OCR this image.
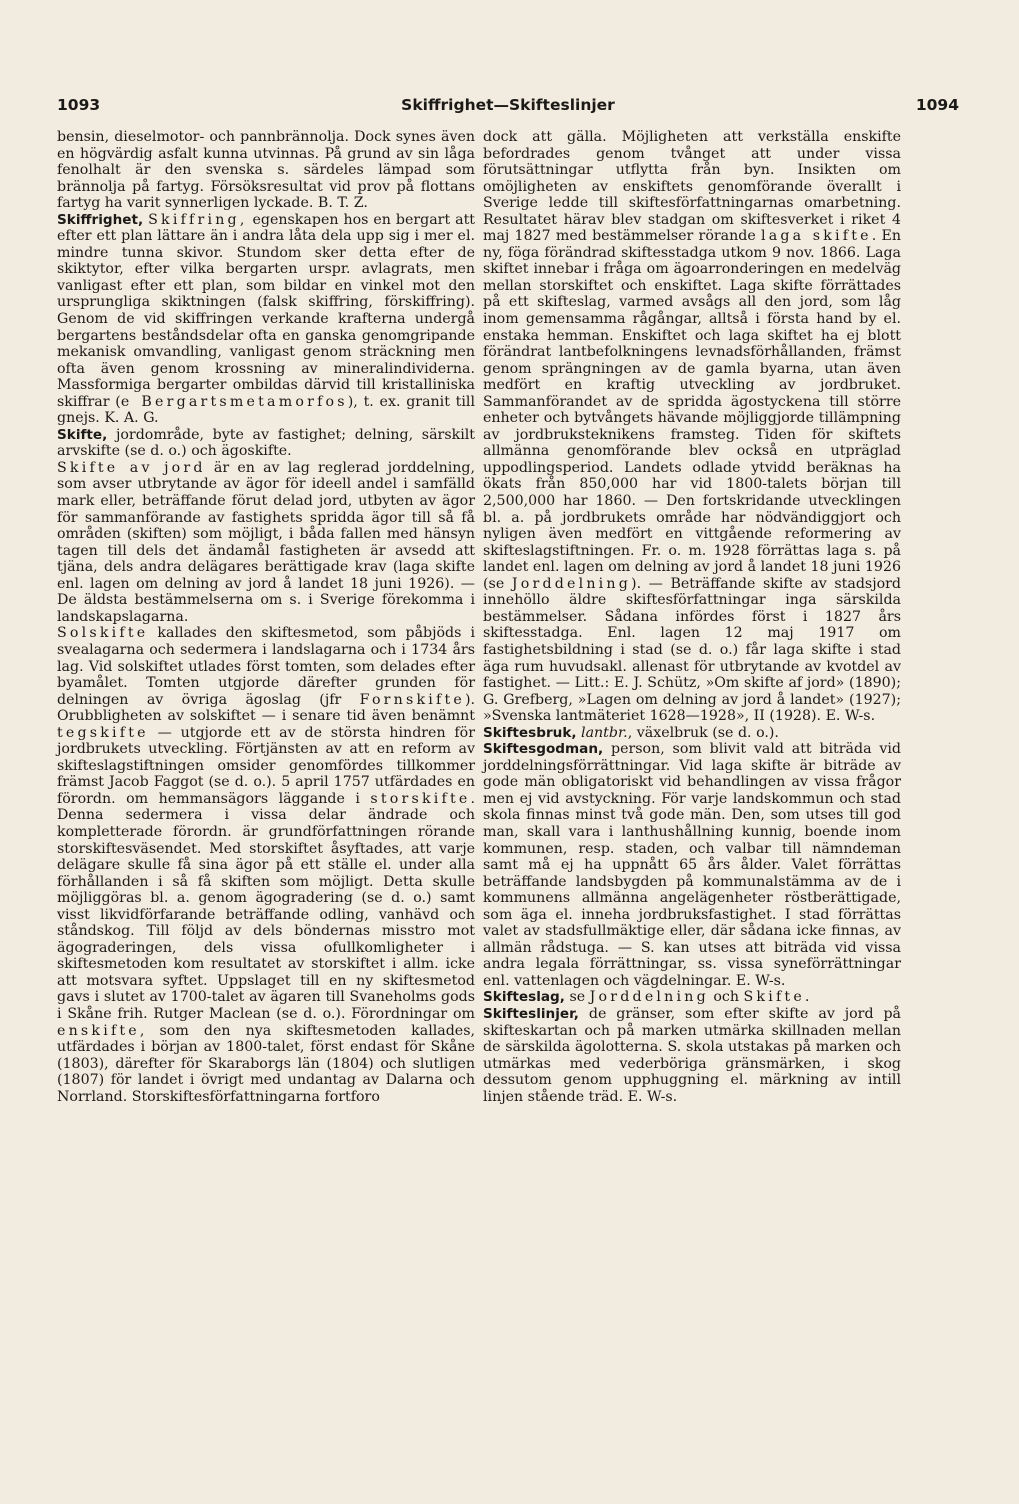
1093	Skiffrighet—Skifteslinjer	1094

bensin, dieselmotor- och pannbrännolja. Dock synes även en högvärdig asfalt kunna utvinnas. På grund av sin låga fenolhalt är den svenska s. särdeles lämpad som brännolja på fartyg. Försöksresultat vid prov på flottans fartyg ha varit synnerligen lyckade. B. T. Z.

Skiffrighet, Skiffring, egenskapen hos en bergart att efter ett plan lättare än i andra låta dela upp sig i mer el. mindre tunna skivor. Stundom sker detta efter de skiktytor, efter vilka bergarten urspr. avlagrats, men vanligast efter ett plan, som bildar en vinkel mot den ursprungliga skiktningen (falsk skiffring, förskiffring). Genom de vid skiffringen verkande krafterna undergå bergartens beståndsdelar ofta en ganska genomgripande mekanisk omvandling, vanligast genom sträckning men ofta även genom krossning av mineralindividerna. Massformiga bergarter ombildas därvid till kristalliniska skiffrar (e Bergartsmetamorfos), t. ex. granit till gnejs. K. A. G.

Skifte, jordområde, byte av fastighet; delning, särskilt arvskifte (se d. o.) och ägoskifte.

Skifte av jord är en av lag reglerad jorddelning, som avser utbrytande av ägor för ideell andel i samfälld mark eller, beträffande förut delad jord, utbyten av ägor för sammanförande av fastighets spridda ägor till så få områden (skiften) som möjligt, i båda fallen med hänsyn tagen till dels det ändamål fastigheten är avsedd att tjäna, dels andra delägares berättigade krav (laga skifte enl. lagen om delning av jord å landet 18 juni 1926). — De äldsta bestämmelserna om s. i Sverige förekomma i landskapslagarna.

Solskifte kallades den skiftesmetod, som påbjöds i svealagarna och sedermera i landslagarna och i 1734 års lag. Vid solskiftet utlades först tomten, som delades efter byamålet. Tomten utgjorde därefter grunden för delningen av övriga ägoslag (jfr Fornskifte). Orubbligheten av solskiftet — i senare tid även benämnt tegskifte — utgjorde ett av de största hindren för jordbrukets utveckling. Förtjänsten av att en reform av skifteslagstiftningen omsider genomfördes tillkommer främst Jacob Faggot (se d. o.). 5 april 1757 utfärdades en förordn. om hemmansägors läggande i storskifte. Denna sedermera i vissa delar ändrade och kompletterade förordn. är grundförfattningen rörande storskiftesväsendet. Med storskiftet åsyftades, att varje delägare skulle få sina ägor på ett ställe el. under alla förhållanden i så få skiften som möjligt. Detta skulle möjliggöras bl. a. genom ägogradering (se d. o.) samt visst likvidförfarande beträffande odling, vanhävd och ståndskog. Till följd av dels böndernas misstro mot ägograderingen, dels vissa ofullkomligheter i skiftesmetoden kom resultatet av storskiftet i allm. icke att motsvara syftet. Uppslaget till en ny skiftesmetod gavs i slutet av 1700-talet av ägaren till Svaneholms gods i Skåne frih. Rutger Maclean (se d. o.). Förordningar om enskifte, som den nya skiftesmetoden kallades, utfärdades i början av 1800-talet, först endast för Skåne (1803), därefter för Skaraborgs län (1804) och slutligen (1807) för landet i övrigt med undantag av Dalarna och Norrland. Storskiftesförfattningarna fortforo

dock att gälla. Möjligheten att verkställa enskifte befordrades genom tvånget att under vissa förutsättningar utflytta från byn. Insikten om omöjligheten av enskiftets genomförande överallt i Sverige ledde till skiftesförfattningarnas omarbetning. Resultatet härav blev stadgan om skiftesverket i riket 4 maj 1827 med bestämmelser rörande laga skifte. En ny, föga förändrad skiftesstadga utkom 9 nov. 1866. Laga skiftet innebar i fråga om ägoarronderingen en medelväg mellan storskiftet och enskiftet. Laga skifte förrättades på ett skifteslag, varmed avsågs all den jord, som låg inom gemensamma rågångar, alltså i första hand by el. enstaka hemman. Enskiftet och laga skiftet ha ej blott förändrat lantbefolkningens levnadsförhållanden, främst genom sprängningen av de gamla byarna, utan även medfört en kraftig utveckling av jordbruket. Sammanförandet av de spridda ägostyckena till större enheter och bytvångets hävande möjliggjorde tillämpning av jordbruksteknikens framsteg. Tiden för skiftets allmänna genomförande blev också en utpräglad uppodlingsperiod. Landets odlade ytvidd beräknas ha ökats från 850,000 har vid 1800-talets början till 2,500,000 har 1860. — Den fortskridande utvecklingen bl. a. på jordbrukets område har nödvändiggjort och nyligen även medfört en vittgående reformering av skifteslagstiftningen. Fr. o. m. 1928 förrättas laga s. på landet enl. lagen om delning av jord å landet 18 juni 1926 (se Jorddelning). — Beträffande skifte av stadsjord innehöllo äldre skiftesförfattningar inga särskilda bestämmelser. Sådana infördes först i 1827 års skiftesstadga. Enl. lagen 12 maj 1917 om fastighetsbildning i stad (se d. o.) får laga skifte i stad äga rum huvudsakl. allenast för utbrytande av kvotdel av fastighet. — Litt.: E. J. Schütz, »Om skifte af jord» (1890); G. Grefberg, »Lagen om delning av jord å landet» (1927); »Svenska lantmäteriet 1628—1928», II (1928). E. W-s.

Skiftesbruk, lantbr., växelbruk (se d. o.).

Skiftesgodman, person, som blivit vald att biträda vid jorddelningsförrättningar. Vid laga skifte är biträde av gode män obligatoriskt vid behandlingen av vissa frågor men ej vid avstyckning. För varje landskommun och stad skola finnas minst två gode män. Den, som utses till god man, skall vara i lanthushållning kunnig, boende inom kommunen, resp. staden, och valbar till nämndeman samt må ej ha uppnått 65 års ålder. Valet förrättas beträffande landsbygden på kommunalstämma av de i kommunens allmänna angelägenheter röstberättigade, som äga el. inneha jordbruksfastighet. I stad förrättas valet av stadsfullmäktige eller, där sådana icke finnas, av allmän rådstuga. — S. kan utses att biträda vid vissa andra legala förrättningar, ss. vissa syneförrättningar enl. vattenlagen och vägdelningar. E. W-s.

Skifteslag, se Jorddelning och Skifte.

Skifteslinjer, de gränser, som efter skifte av jord på skifteskartan och på marken utmärka skillnaden mellan de särskilda ägolotterna. S. skola utstakas på marken och utmärkas med vederböriga gränsmärken, i skog dessutom genom upphuggning el. märkning av intill linjen stående träd. E. W-s.
